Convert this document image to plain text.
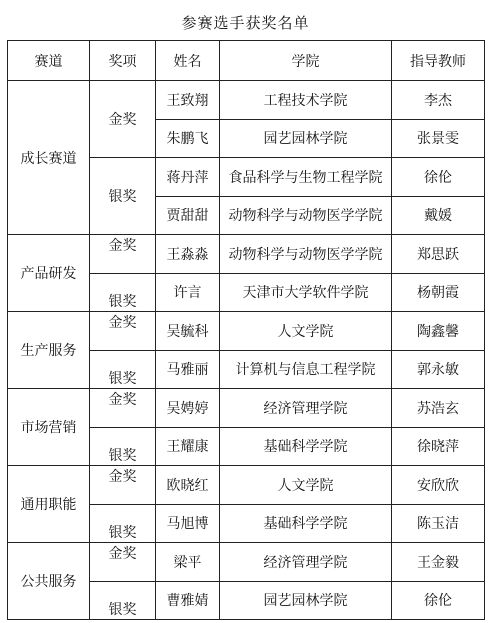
参赛选手获奖名单
赛道	奖项	姓名	学院	指导教师
成长赛道	金奖	王致翔	工程技术学院	李杰
		朱鹏飞	园艺园林学院	张景雯
	银奖	蒋丹萍	食品科学与生物工程学院	徐伦
		贾甜甜	动物科学与动物医学学院	戴媛
产品研发	金奖	王淼淼	动物科学与动物医学学院	郑思跃
	银奖	许言	天津市大学软件学院	杨朝霞
生产服务	金奖	吴毓科	人文学院	陶鑫馨
	银奖	马雅丽	计算机与信息工程学院	郭永敏
市场营销	金奖	吴娉婷	经济管理学院	苏浩玄
	银奖	王耀康	基础科学学院	徐晓萍
通用职能	金奖	欧晓红	人文学院	安欣欣
	银奖	马旭博	基础科学学院	陈玉洁
公共服务	金奖	梁平	经济管理学院	王金毅
	银奖	曹雅婧	园艺园林学院	徐伦
